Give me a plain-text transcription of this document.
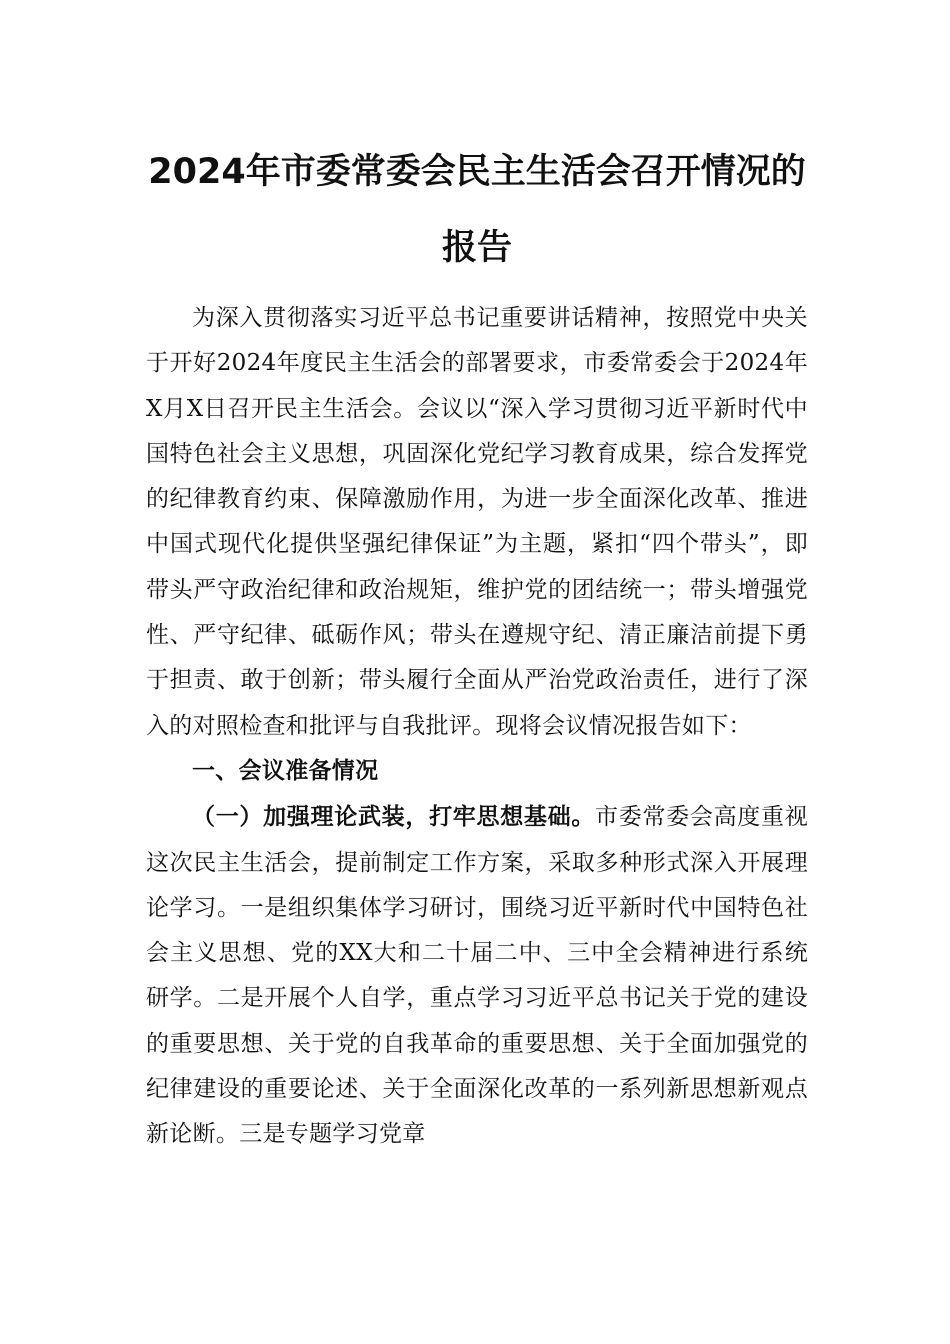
2024年市委常委会民主生活会召开情况的
报告

为深入贯彻落实习近平总书记重要讲话精神，按照党中央关于开好2024年度民主生活会的部署要求，市委常委会于2024年X月X日召开民主生活会。会议以“深入学习贯彻习近平新时代中国特色社会主义思想，巩固深化党纪学习教育成果，综合发挥党的纪律教育约束、保障激励作用，为进一步全面深化改革、推进中国式现代化提供坚强纪律保证”为主题，紧扣“四个带头”，即带头严守政治纪律和政治规矩，维护党的团结统一；带头增强党性、严守纪律、砥砺作风；带头在遵规守纪、清正廉洁前提下勇于担责、敢于创新；带头履行全面从严治党政治责任，进行了深入的对照检查和批评与自我批评。现将会议情况报告如下：

一、会议准备情况

（一）加强理论武装，打牢思想基础。市委常委会高度重视这次民主生活会，提前制定工作方案，采取多种形式深入开展理论学习。一是组织集体学习研讨，围绕习近平新时代中国特色社会主义思想、党的XX大和二十届二中、三中全会精神进行系统研学。二是开展个人自学，重点学习习近平总书记关于党的建设的重要思想、关于党的自我革命的重要思想、关于全面加强党的纪律建设的重要论述、关于全面深化改革的一系列新思想新观点新论断。三是专题学习党章
